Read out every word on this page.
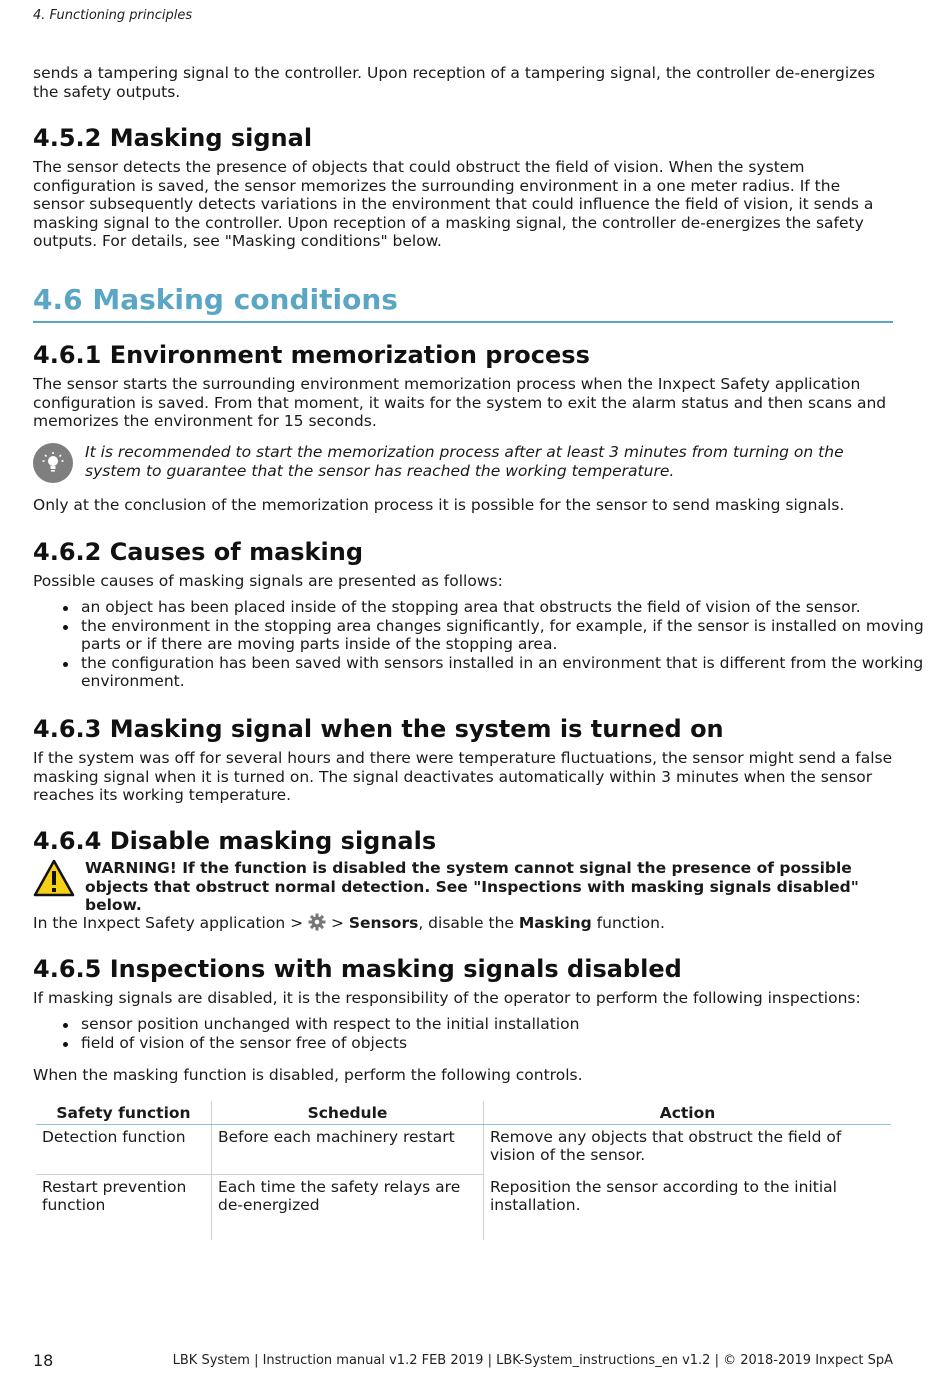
4. Functioning principles

sends a tampering signal to the controller. Upon reception of a tampering signal, the controller de-energizes the safety outputs.

4.5.2 Masking signal

The sensor detects the presence of objects that could obstruct the field of vision. When the system configuration is saved, the sensor memorizes the surrounding environment in a one meter radius. If the sensor subsequently detects variations in the environment that could influence the field of vision, it sends a masking signal to the controller. Upon reception of a masking signal, the controller de-energizes the safety outputs. For details, see "Masking conditions" below.

4.6 Masking conditions
4.6.1 Environment memorization process

The sensor starts the surrounding environment memorization process when the Inxpect Safety application configuration is saved. From that moment, it waits for the system to exit the alarm status and then scans and memorizes the environment for 15 seconds.

It is recommended to start the memorization process after at least 3 minutes from turning on the system to guarantee that the sensor has reached the working temperature.

Only at the conclusion of the memorization process it is possible for the sensor to send masking signals.

4.6.2 Causes of masking

Possible causes of masking signals are presented as follows:

an object has been placed inside of the stopping area that obstructs the field of vision of the sensor.
the environment in the stopping area changes significantly, for example, if the sensor is installed on moving parts or if there are moving parts inside of the stopping area.
the configuration has been saved with sensors installed in an environment that is different from the working environment.
4.6.3 Masking signal when the system is turned on

If the system was off for several hours and there were temperature fluctuations, the sensor might send a false masking signal when it is turned on. The signal deactivates automatically within 3 minutes when the sensor reaches its working temperature.

4.6.4 Disable masking signals
WARNING! If the function is disabled the system cannot signal the presence of possible objects that obstruct normal detection. See "Inspections with masking signals disabled" below.

In the Inxpect Safety application >  > Sensors, disable the Masking function.

4.6.5 Inspections with masking signals disabled

If masking signals are disabled, it is the responsibility of the operator to perform the following inspections:

sensor position unchanged with respect to the initial installation
field of vision of the sensor free of objects

When the masking function is disabled, perform the following controls.

Safety function	Schedule	Action
Detection function	Before each machinery restart	Remove any objects that obstruct the field of vision of the sensor.
Restart prevention function	Each time the safety relays are de-energized	Reposition the sensor according to the initial installation.
18	LBK System | Instruction manual v1.2 FEB 2019 | LBK-System_instructions_en v1.2 | © 2018-2019 Inxpect SpA
